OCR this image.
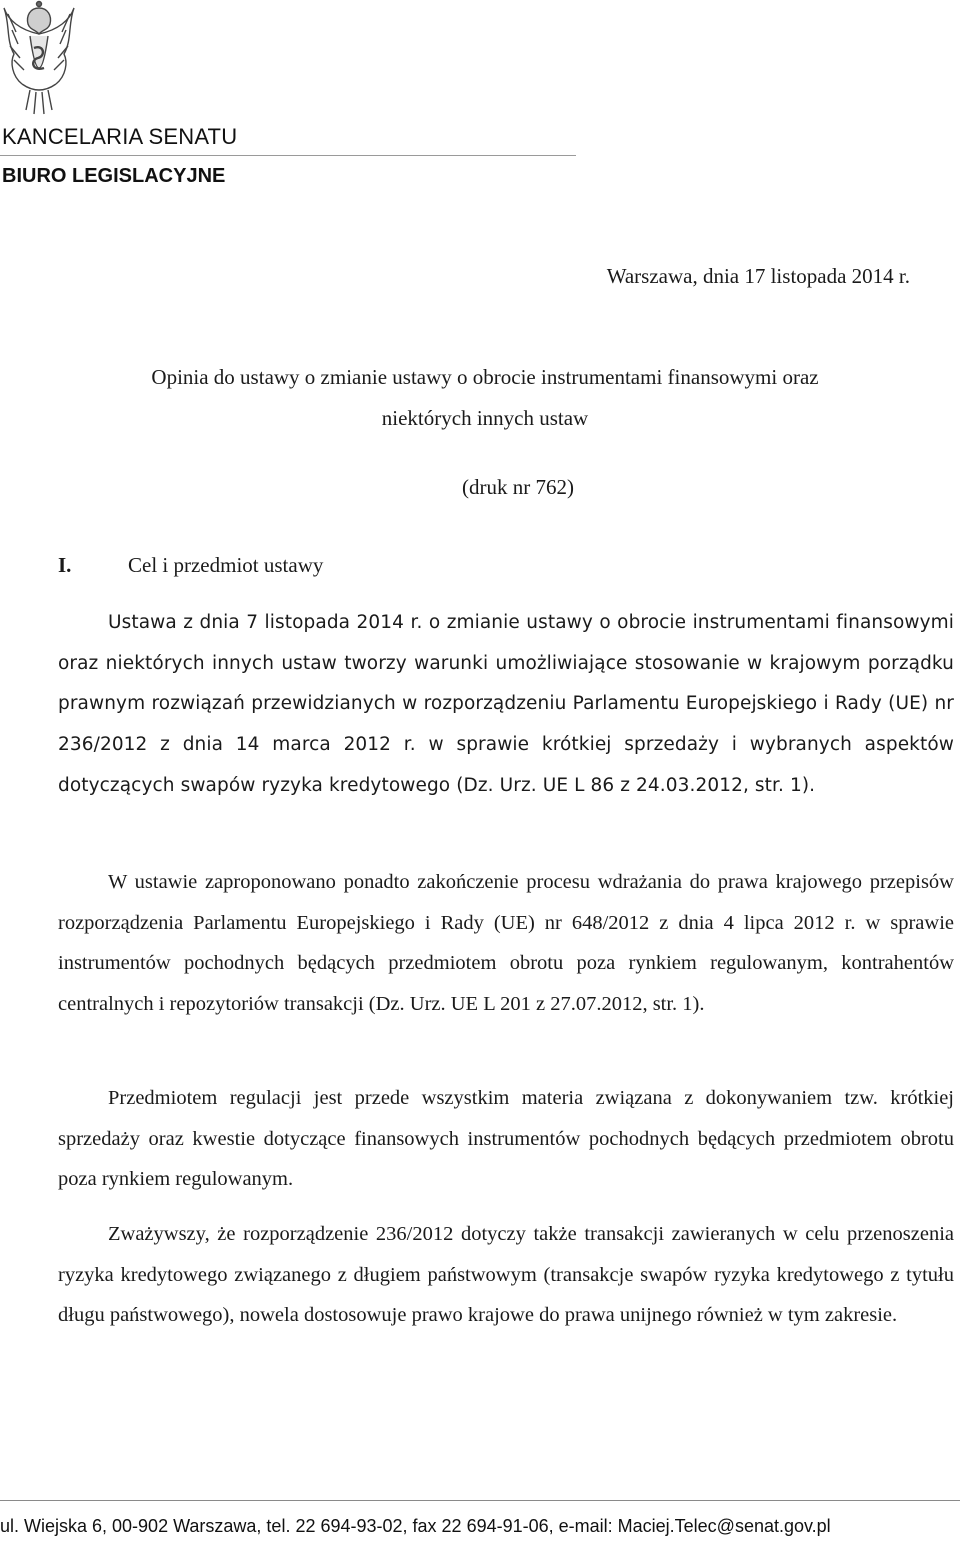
KANCELARIA SENATU
BIURO LEGISLACYJNE
Warszawa, dnia 17 listopada 2014 r.
Opinia do ustawy o zmianie ustawy o obrocie instrumentami finansowymi oraz
niektórych innych ustaw
(druk nr 762)
I.	Cel i przedmiot ustawy
Ustawa z dnia 7 listopada 2014 r. o zmianie ustawy o obrocie instrumentami finansowymi oraz niektórych innych ustaw tworzy warunki umożliwiające stosowanie w krajowym porządku prawnym rozwiązań przewidzianych w rozporządzeniu Parlamentu Europejskiego i Rady (UE) nr 236/2012 z dnia 14 marca 2012 r. w sprawie krótkiej sprzedaży i wybranych aspektów dotyczących swapów ryzyka kredytowego (Dz. Urz. UE L 86 z 24.03.2012, str. 1).
W ustawie zaproponowano ponadto zakończenie procesu wdrażania do prawa krajowego przepisów rozporządzenia Parlamentu Europejskiego i Rady (UE) nr 648/2012 z dnia 4 lipca 2012 r. w sprawie instrumentów pochodnych będących przedmiotem obrotu poza rynkiem regulowanym, kontrahentów centralnych i repozytoriów transakcji (Dz. Urz. UE L 201 z 27.07.2012, str. 1).
Przedmiotem regulacji jest przede wszystkim materia związana z dokonywaniem tzw. krótkiej sprzedaży oraz kwestie dotyczące finansowych instrumentów pochodnych będących przedmiotem obrotu poza rynkiem regulowanym.
Zważywszy, że rozporządzenie 236/2012 dotyczy także transakcji zawieranych w celu przenoszenia ryzyka kredytowego związanego z długiem państwowym (transakcje swapów ryzyka kredytowego z tytułu długu państwowego), nowela dostosowuje prawo krajowe do prawa unijnego również w tym zakresie.
ul. Wiejska 6, 00-902 Warszawa, tel. 22 694-93-02, fax 22 694-91-06, e-mail: Maciej.Telec@senat.gov.pl
